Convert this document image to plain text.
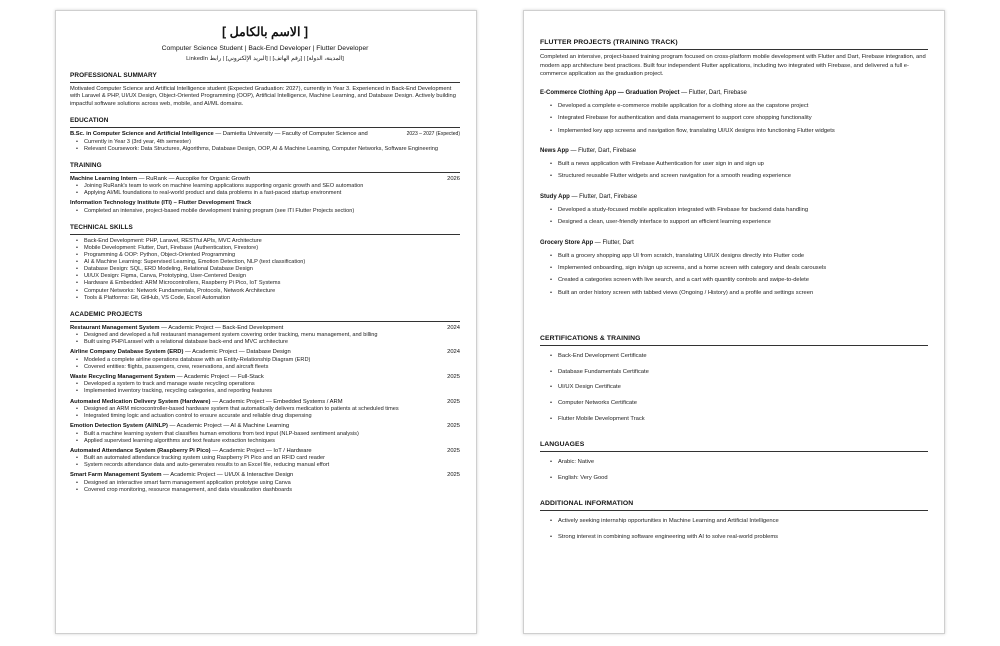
[ الاسم بالكامل ]
Computer Science Student | Back-End Developer | Flutter Developer
[المدينة، الدولة] | [رقم الهاتف] | [البريد الإلكتروني] | رابط LinkedIn
PROFESSIONAL SUMMARY
Motivated Computer Science and Artificial Intelligence student (Expected Graduation: 2027), currently in Year 3. Experienced in Back-End Development with Laravel & PHP, UI/UX Design, Object-Oriented Programming (OOP), Artificial Intelligence, Machine Learning, and Database Design. Actively building impactful software solutions across web, mobile, and AI/ML domains.
EDUCATION
B.Sc. in Computer Science and Artificial Intelligence — Damietta University — Faculty of Computer Science and	2023 – 2027 (Expected)
• Currently in Year 3 (3rd year, 4th semester)
• Relevant Coursework: Data Structures, Algorithms, Database Design, OOP, AI & Machine Learning, Computer Networks, Software Engineering
TRAINING
Machine Learning Intern — RuRank — Aucopike for Organic Growth	2026
• Joining RuRank's team to work on machine learning applications supporting organic growth and SEO automation
• Applying AI/ML foundations to real-world product and data problems in a fast-paced startup environment
Information Technology Institute (ITI) – Flutter Development Track
• Completed an intensive, project-based mobile development training program (see ITI Flutter Projects section)
TECHNICAL SKILLS
• Back-End Development: PHP, Laravel, RESTful APIs, MVC Architecture
• Mobile Development: Flutter, Dart, Firebase (Authentication, Firestore)
• Programming & OOP: Python, Object-Oriented Programming
• AI & Machine Learning: Supervised Learning, Emotion Detection, NLP (text classification)
• Database Design: SQL, ERD Modeling, Relational Database Design
• UI/UX Design: Figma, Canva, Prototyping, User-Centered Design
• Hardware & Embedded: ARM Microcontrollers, Raspberry Pi Pico, IoT Systems
• Computer Networks: Network Fundamentals, Protocols, Network Architecture
• Tools & Platforms: Git, GitHub, VS Code, Excel Automation
ACADEMIC PROJECTS
Restaurant Management System — Academic Project — Back-End Development	2024
• Designed and developed a full restaurant management system covering order tracking, menu management, and billing
• Built using PHP/Laravel with a relational database back-end and MVC architecture
Airline Company Database System (ERD) — Academic Project — Database Design	2024
• Modeled a complete airline operations database with an Entity-Relationship Diagram (ERD)
• Covered entities: flights, passengers, crew, reservations, and aircraft fleets
Waste Recycling Management System — Academic Project — Full-Stack	2025
• Developed a system to track and manage waste recycling operations
• Implemented inventory tracking, recycling categories, and reporting features
Automated Medication Delivery System (Hardware) — Academic Project — Embedded Systems / ARM	2025
• Designed an ARM microcontroller-based hardware system that automatically delivers medication to patients at scheduled times
• Integrated timing logic and actuation control to ensure accurate and reliable drug dispensing
Emotion Detection System (AI/NLP) — Academic Project — AI & Machine Learning	2025
• Built a machine learning system that classifies human emotions from text input (NLP-based sentiment analysis)
• Applied supervised learning algorithms and text feature extraction techniques
Automated Attendance System (Raspberry Pi Pico) — Academic Project — IoT / Hardware	2025
• Built an automated attendance tracking system using Raspberry Pi Pico and an RFID card reader
• System records attendance data and auto-generates results to an Excel file, reducing manual effort
Smart Farm Management System — Academic Project — UI/UX & Interactive Design	2025
• Designed an interactive smart farm management application prototype using Canva
• Covered crop monitoring, resource management, and data visualization dashboards
FLUTTER PROJECTS (TRAINING TRACK)
Completed an intensive, project-based training program focused on cross-platform mobile development with Flutter and Dart, Firebase integration, and modern app architecture best practices. Built four independent Flutter applications, including two integrated with Firebase, and delivered a full e-commerce application as the graduation project.
E-Commerce Clothing App — Graduation Project — Flutter, Dart, Firebase
• Developed a complete e-commerce mobile application for a clothing store as the capstone project
• Integrated Firebase for authentication and data management to support core shopping functionality
• Implemented key app screens and navigation flow, translating UI/UX designs into functioning Flutter widgets
News App — Flutter, Dart, Firebase
• Built a news application with Firebase Authentication for user sign in and sign up
• Structured reusable Flutter widgets and screen navigation for a smooth reading experience
Study App — Flutter, Dart, Firebase
• Developed a study-focused mobile application integrated with Firebase for backend data handling
• Designed a clean, user-friendly interface to support an efficient learning experience
Grocery Store App — Flutter, Dart
• Built a grocery shopping app UI from scratch, translating UI/UX designs directly into Flutter code
• Implemented onboarding, sign in/sign up screens, and a home screen with category and deals carousels
• Created a categories screen with live search, and a cart with quantity controls and swipe-to-delete
• Built an order history screen with tabbed views (Ongoing / History) and a profile and settings screen
CERTIFICATIONS & TRAINING
• Back-End Development Certificate
• Database Fundamentals Certificate
• UI/UX Design Certificate
• Computer Networks Certificate
• Flutter Mobile Development Track
LANGUAGES
• Arabic: Native
• English: Very Good
ADDITIONAL INFORMATION
• Actively seeking internship opportunities in Machine Learning and Artificial Intelligence
• Strong interest in combining software engineering with AI to solve real-world problems
